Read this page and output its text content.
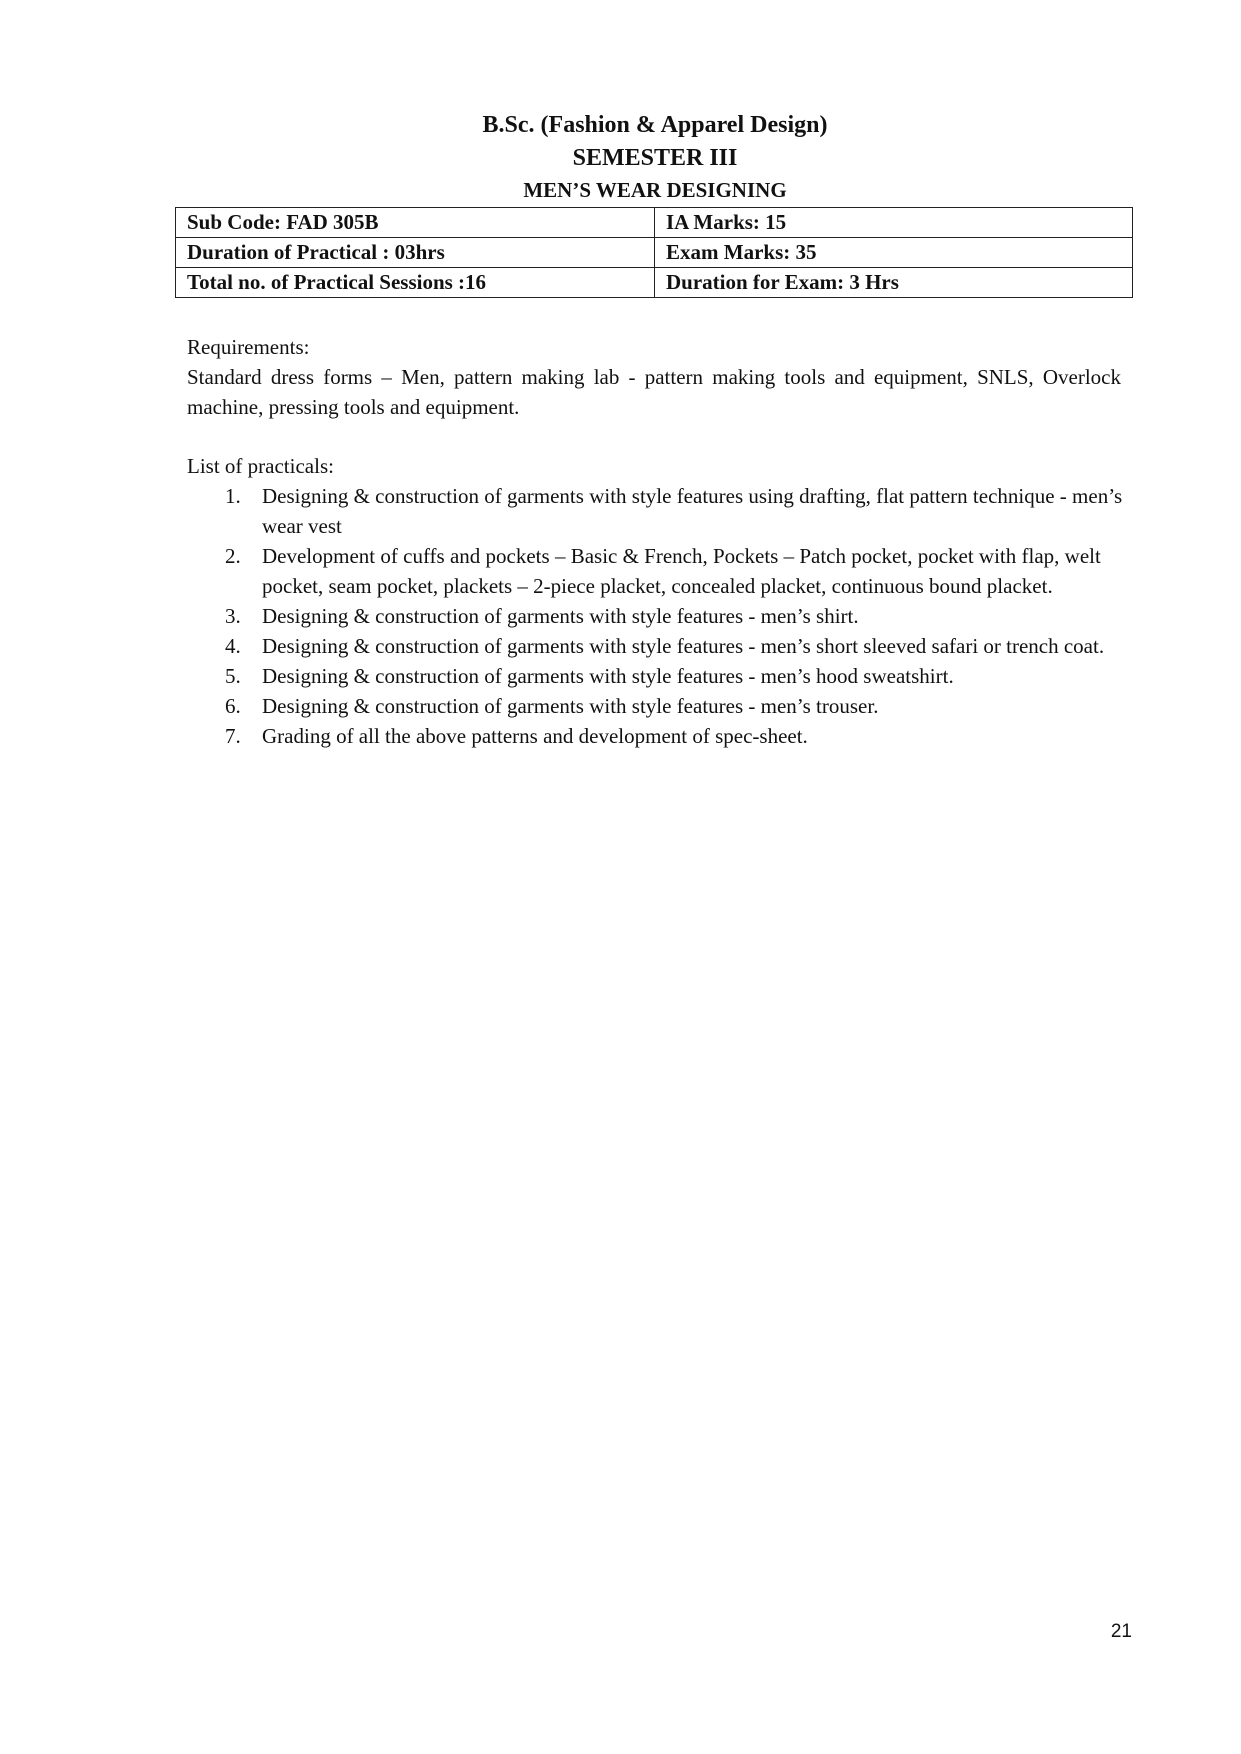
B.Sc. (Fashion & Apparel Design)
SEMESTER III
MEN’S WEAR DESIGNING
Sub Code: FAD 305B	IA Marks: 15
Duration of Practical : 03hrs	Exam Marks: 35
Total no. of Practical Sessions :16	Duration for Exam: 3 Hrs
Requirements:
Standard dress forms – Men, pattern making lab - pattern making tools and equipment, SNLS, Overlock machine, pressing tools and equipment.
List of practicals:
1. Designing & construction of garments with style features using drafting, flat pattern technique - men’s wear vest
2. Development of cuffs and pockets – Basic & French, Pockets – Patch pocket, pocket with flap, welt pocket, seam pocket, plackets – 2-piece placket, concealed placket, continuous bound placket.
3. Designing & construction of garments with style features - men’s shirt.
4. Designing & construction of garments with style features - men’s short sleeved safari or trench coat.
5. Designing & construction of garments with style features - men’s hood sweatshirt.
6. Designing & construction of garments with style features - men’s trouser.
7. Grading of all the above patterns and development of spec-sheet.
21
